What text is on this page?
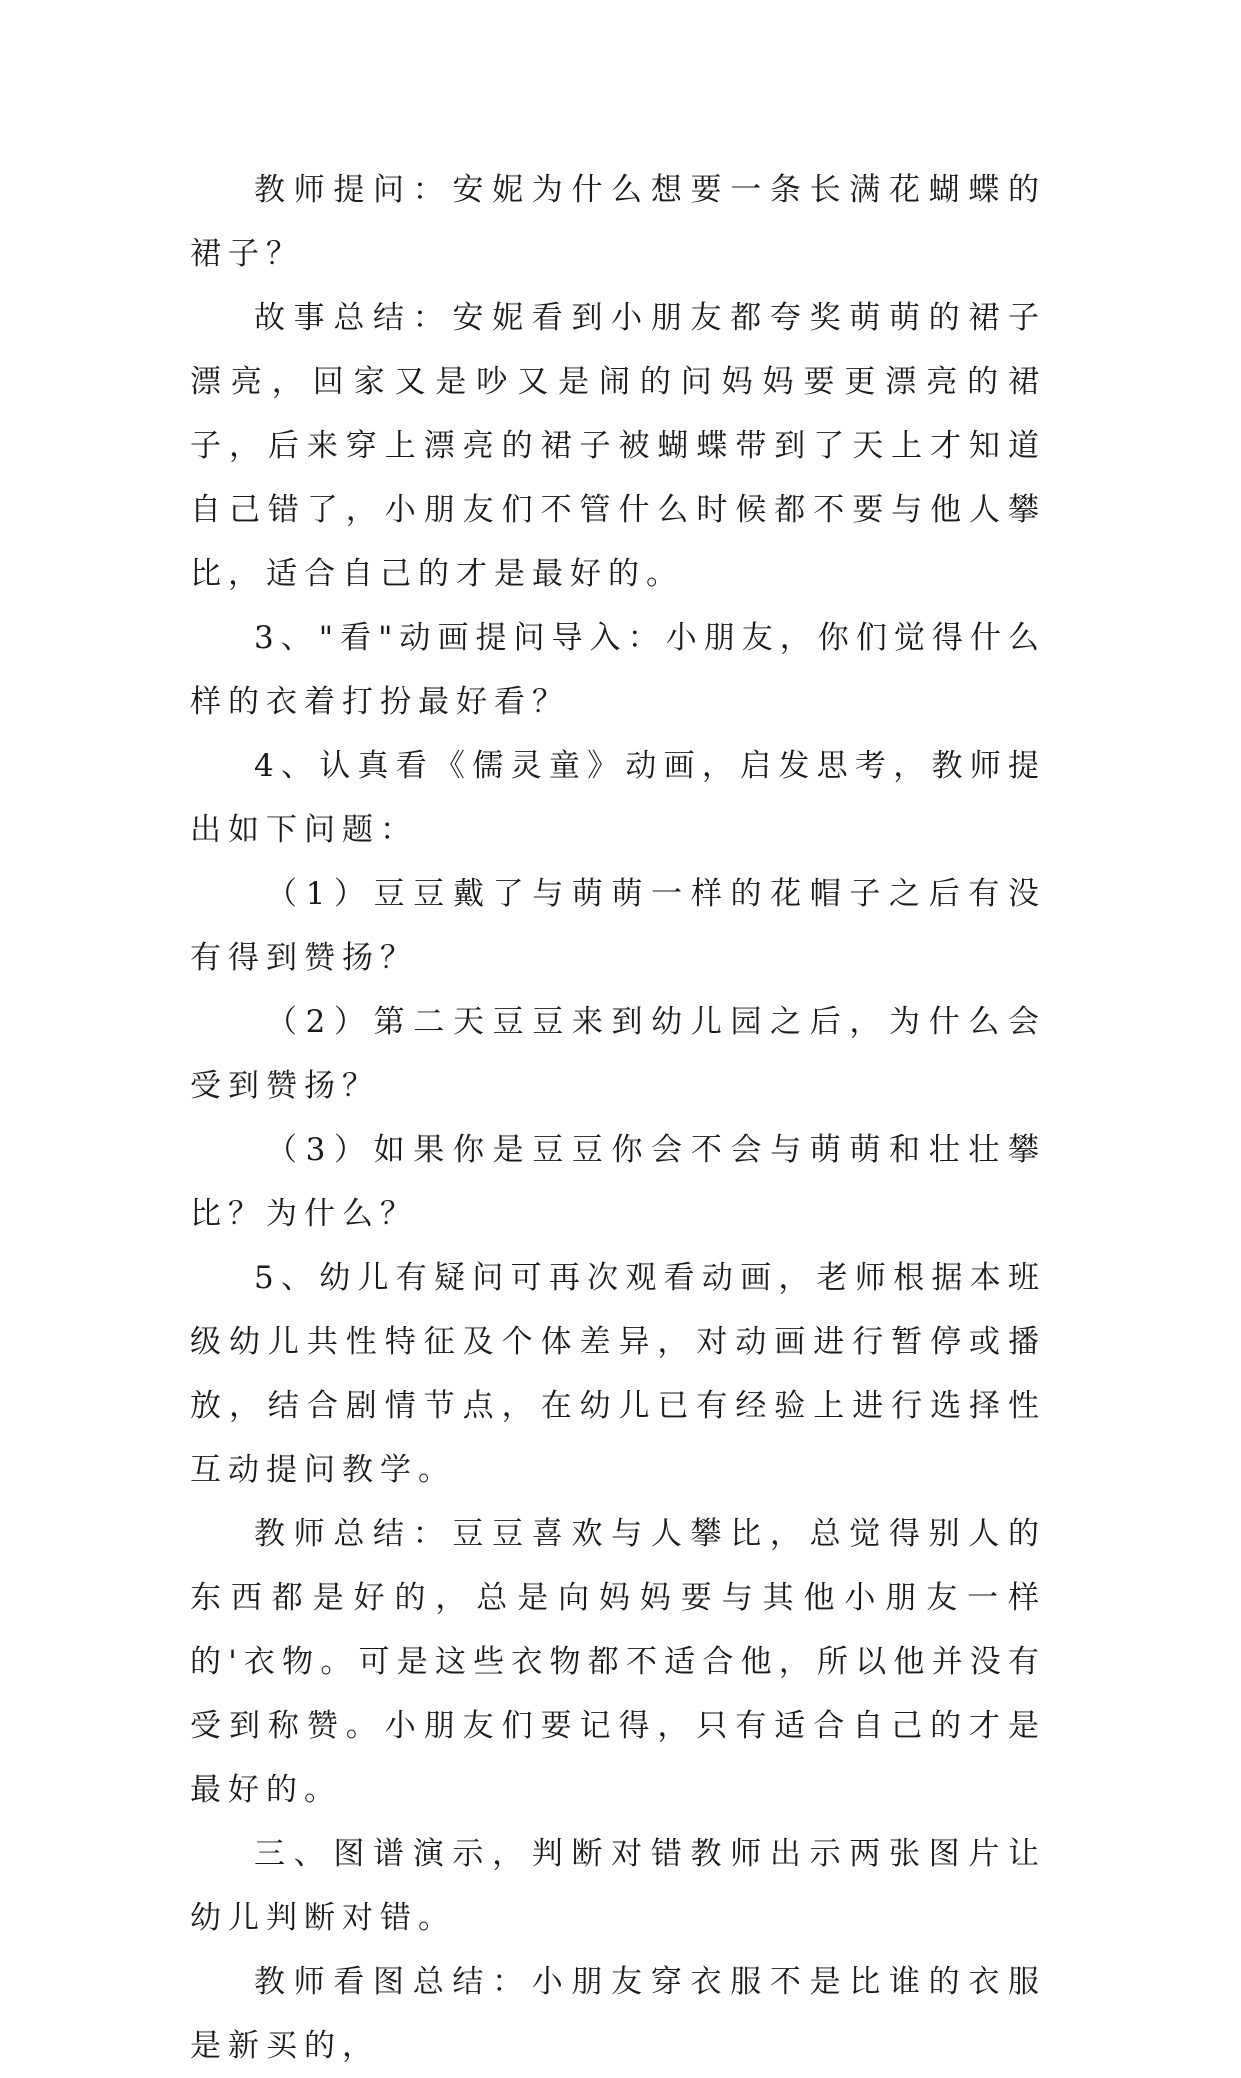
教师提问：安妮为什么想要一条长满花蝴蝶的裙子？

故事总结：安妮看到小朋友都夸奖萌萌的裙子漂亮，回家又是吵又是闹的问妈妈要更漂亮的裙子，后来穿上漂亮的裙子被蝴蝶带到了天上才知道自己错了，小朋友们不管什么时候都不要与他人攀比，适合自己的才是最好的。

3、"看"动画提问导入：小朋友，你们觉得什么样的衣着打扮最好看？

4、认真看《儒灵童》动画，启发思考，教师提出如下问题：

（1）豆豆戴了与萌萌一样的花帽子之后有没有得到赞扬？

（2）第二天豆豆来到幼儿园之后，为什么会受到赞扬？

（3）如果你是豆豆你会不会与萌萌和壮壮攀比？为什么？

5、幼儿有疑问可再次观看动画，老师根据本班级幼儿共性特征及个体差异，对动画进行暂停或播放，结合剧情节点，在幼儿已有经验上进行选择性互动提问教学。

教师总结：豆豆喜欢与人攀比，总觉得别人的东西都是好的，总是向妈妈要与其他小朋友一样的'衣物。可是这些衣物都不适合他，所以他并没有受到称赞。小朋友们要记得，只有适合自己的才是最好的。

三、图谱演示，判断对错教师出示两张图片让幼儿判断对错。

教师看图总结：小朋友穿衣服不是比谁的衣服是新买的，
